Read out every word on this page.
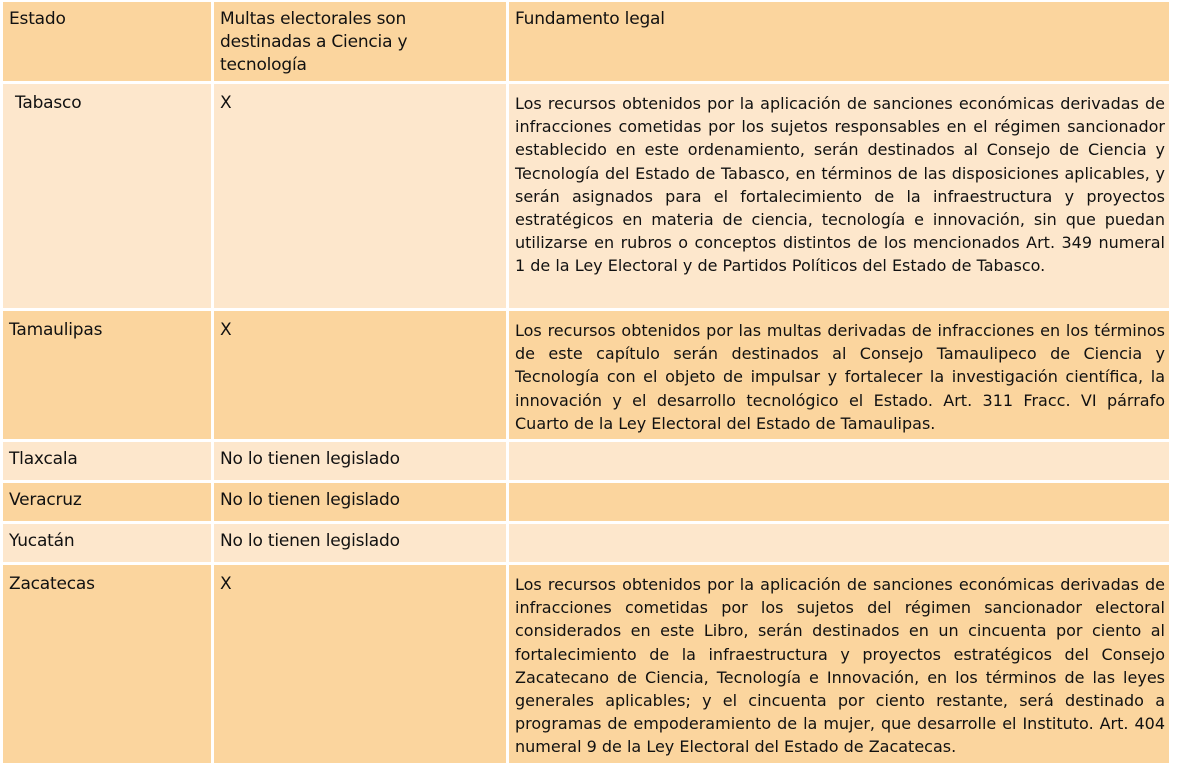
Estado	Multas electorales son destinadas a Ciencia y tecnología	Fundamento legal
Tabasco	X	Los recursos obtenidos por la aplicación de sanciones económicas derivadas de infracciones cometidas por los sujetos responsables en el régimen sancionador establecido en este ordenamiento, serán destinados al Consejo de Ciencia y Tecnología del Estado de Tabasco, en términos de las disposiciones aplicables, y serán asignados para el fortalecimiento de la infraestructura y proyectos estratégicos en materia de ciencia, tecnología e innovación, sin que puedan utilizarse en rubros o conceptos distintos de los mencionados Art. 349 numeral 1 de la Ley Electoral y de Partidos Políticos del Estado de Tabasco.
Tamaulipas	X	Los recursos obtenidos por las multas derivadas de infracciones en los términos de este capítulo serán destinados al Consejo Tamaulipeco de Ciencia y Tecnología con el objeto de impulsar y fortalecer la investigación científica, la innovación y el desarrollo tecnológico el Estado. Art. 311 Fracc. VI párrafo Cuarto de la Ley Electoral del Estado de Tamaulipas.
Tlaxcala	No lo tienen legislado	
Veracruz	No lo tienen legislado	
Yucatán	No lo tienen legislado	
Zacatecas	X	Los recursos obtenidos por la aplicación de sanciones económicas derivadas de infracciones cometidas por los sujetos del régimen sancionador electoral considerados en este Libro, serán destinados en un cincuenta por ciento al fortalecimiento de la infraestructura y proyectos estratégicos del Consejo Zacatecano de Ciencia, Tecnología e Innovación, en los términos de las leyes generales aplicables; y el cincuenta por ciento restante, será destinado a programas de empoderamiento de la mujer, que desarrolle el Instituto. Art. 404 numeral 9 de la Ley Electoral del Estado de Zacatecas.
